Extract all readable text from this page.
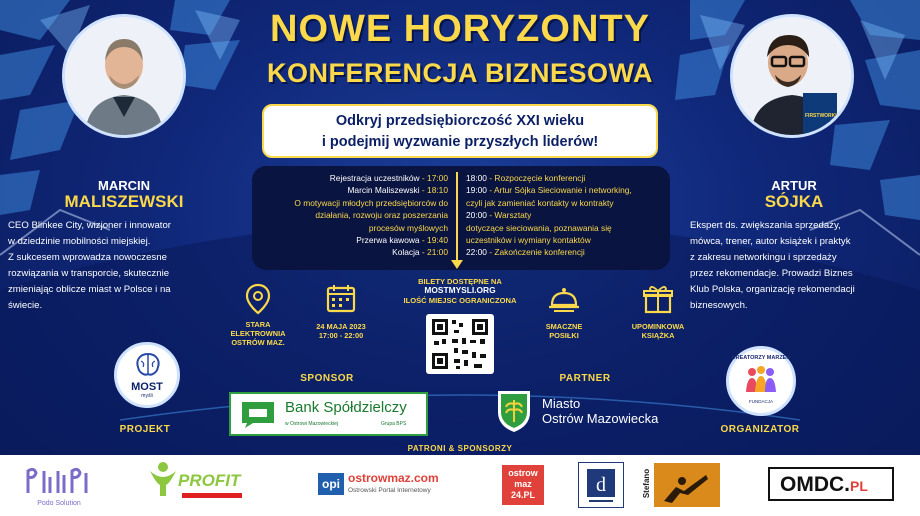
NOWE HORYZONTY
KONFERENCJA BIZNESOWA
Odkryj przedsiębiorczość XXI wieku
i podejmij wyzwanie przyszłych liderów!
MARCIN
MALISZEWSKI
CEO Blinkee City, wizjoner i innowator
w dziedzinie mobilności miejskiej.
Z sukcesem wprowadza nowoczesne
rozwiązania w transporcie, skutecznie
zmieniając oblicze miast w Polsce i na
świecie.
FIRSTWORKING
ARTUR
SÓJKA
Ekspert ds. zwiększania sprzedaży,
mówca, trener, autor książek i praktyk
z zakresu networkingu i sprzedaży
przez rekomendacje. Prowadzi Biznes
Klub Polska, organizację rekomendacji
biznesowych.
Rejestracja uczestników - 17:00
Marcin Maliszewski - 18:10
O motywacji młodych przedsiębiorców do
działania, rozwoju oraz poszerzania
procesów myślowych
Przerwa kawowa - 19:40
Kolacja - 21:00
18:00 - Rozpoczęcie konferencji
19:00 - Artur Sójka Sieciowanie i networking,
czyli jak zamieniać kontakty w kontrakty
20:00 - Warsztaty
dotyczące sieciowania, poznawania się
uczestników i wymiany kontaktów
22:00 - Zakończenie konferencji
STARA
ELEKTROWNIA
OSTRÓW MAZ.
24 MAJA 2023
17:00 - 22:00
BILETY DOSTĘPNE NA
MOSTMYSLI.ORG
ILOŚĆ MIEJSC OGRANICZONA
SMACZNE
POSIŁKI
UPOMINKOWA
KSIĄŻKA
SPONSOR	PARTNER
PROJEKT	ORGANIZATOR
PATRONI & SPONSORZY
MOST
myśli
Bank Spółdzielczy
w Ostrowi Mazowieckiej	Grupa BPS
Miasto
Ostrów Mazowiecka
KREATORZY MARZEŃ
FUNDACJA
Podo Solution
PROFIT	opi ostrowmaz.com
Ostrowski Portal Internetowy
ostrow
maz
24.PL	d	Stefano	OMDC.PL
